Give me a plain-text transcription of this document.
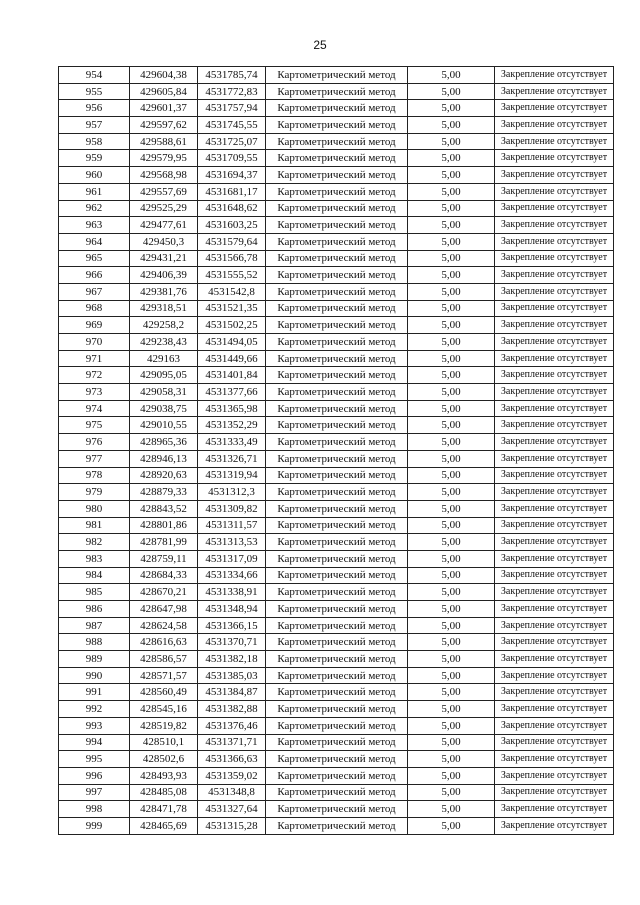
25
954	429604,38	4531785,74	Картометрический метод	5,00	Закрепление отсутствует
955	429605,84	4531772,83	Картометрический метод	5,00	Закрепление отсутствует
956	429601,37	4531757,94	Картометрический метод	5,00	Закрепление отсутствует
957	429597,62	4531745,55	Картометрический метод	5,00	Закрепление отсутствует
958	429588,61	4531725,07	Картометрический метод	5,00	Закрепление отсутствует
959	429579,95	4531709,55	Картометрический метод	5,00	Закрепление отсутствует
960	429568,98	4531694,37	Картометрический метод	5,00	Закрепление отсутствует
961	429557,69	4531681,17	Картометрический метод	5,00	Закрепление отсутствует
962	429525,29	4531648,62	Картометрический метод	5,00	Закрепление отсутствует
963	429477,61	4531603,25	Картометрический метод	5,00	Закрепление отсутствует
964	429450,3	4531579,64	Картометрический метод	5,00	Закрепление отсутствует
965	429431,21	4531566,78	Картометрический метод	5,00	Закрепление отсутствует
966	429406,39	4531555,52	Картометрический метод	5,00	Закрепление отсутствует
967	429381,76	4531542,8	Картометрический метод	5,00	Закрепление отсутствует
968	429318,51	4531521,35	Картометрический метод	5,00	Закрепление отсутствует
969	429258,2	4531502,25	Картометрический метод	5,00	Закрепление отсутствует
970	429238,43	4531494,05	Картометрический метод	5,00	Закрепление отсутствует
971	429163	4531449,66	Картометрический метод	5,00	Закрепление отсутствует
972	429095,05	4531401,84	Картометрический метод	5,00	Закрепление отсутствует
973	429058,31	4531377,66	Картометрический метод	5,00	Закрепление отсутствует
974	429038,75	4531365,98	Картометрический метод	5,00	Закрепление отсутствует
975	429010,55	4531352,29	Картометрический метод	5,00	Закрепление отсутствует
976	428965,36	4531333,49	Картометрический метод	5,00	Закрепление отсутствует
977	428946,13	4531326,71	Картометрический метод	5,00	Закрепление отсутствует
978	428920,63	4531319,94	Картометрический метод	5,00	Закрепление отсутствует
979	428879,33	4531312,3	Картометрический метод	5,00	Закрепление отсутствует
980	428843,52	4531309,82	Картометрический метод	5,00	Закрепление отсутствует
981	428801,86	4531311,57	Картометрический метод	5,00	Закрепление отсутствует
982	428781,99	4531313,53	Картометрический метод	5,00	Закрепление отсутствует
983	428759,11	4531317,09	Картометрический метод	5,00	Закрепление отсутствует
984	428684,33	4531334,66	Картометрический метод	5,00	Закрепление отсутствует
985	428670,21	4531338,91	Картометрический метод	5,00	Закрепление отсутствует
986	428647,98	4531348,94	Картометрический метод	5,00	Закрепление отсутствует
987	428624,58	4531366,15	Картометрический метод	5,00	Закрепление отсутствует
988	428616,63	4531370,71	Картометрический метод	5,00	Закрепление отсутствует
989	428586,57	4531382,18	Картометрический метод	5,00	Закрепление отсутствует
990	428571,57	4531385,03	Картометрический метод	5,00	Закрепление отсутствует
991	428560,49	4531384,87	Картометрический метод	5,00	Закрепление отсутствует
992	428545,16	4531382,88	Картометрический метод	5,00	Закрепление отсутствует
993	428519,82	4531376,46	Картометрический метод	5,00	Закрепление отсутствует
994	428510,1	4531371,71	Картометрический метод	5,00	Закрепление отсутствует
995	428502,6	4531366,63	Картометрический метод	5,00	Закрепление отсутствует
996	428493,93	4531359,02	Картометрический метод	5,00	Закрепление отсутствует
997	428485,08	4531348,8	Картометрический метод	5,00	Закрепление отсутствует
998	428471,78	4531327,64	Картометрический метод	5,00	Закрепление отсутствует
999	428465,69	4531315,28	Картометрический метод	5,00	Закрепление отсутствует
